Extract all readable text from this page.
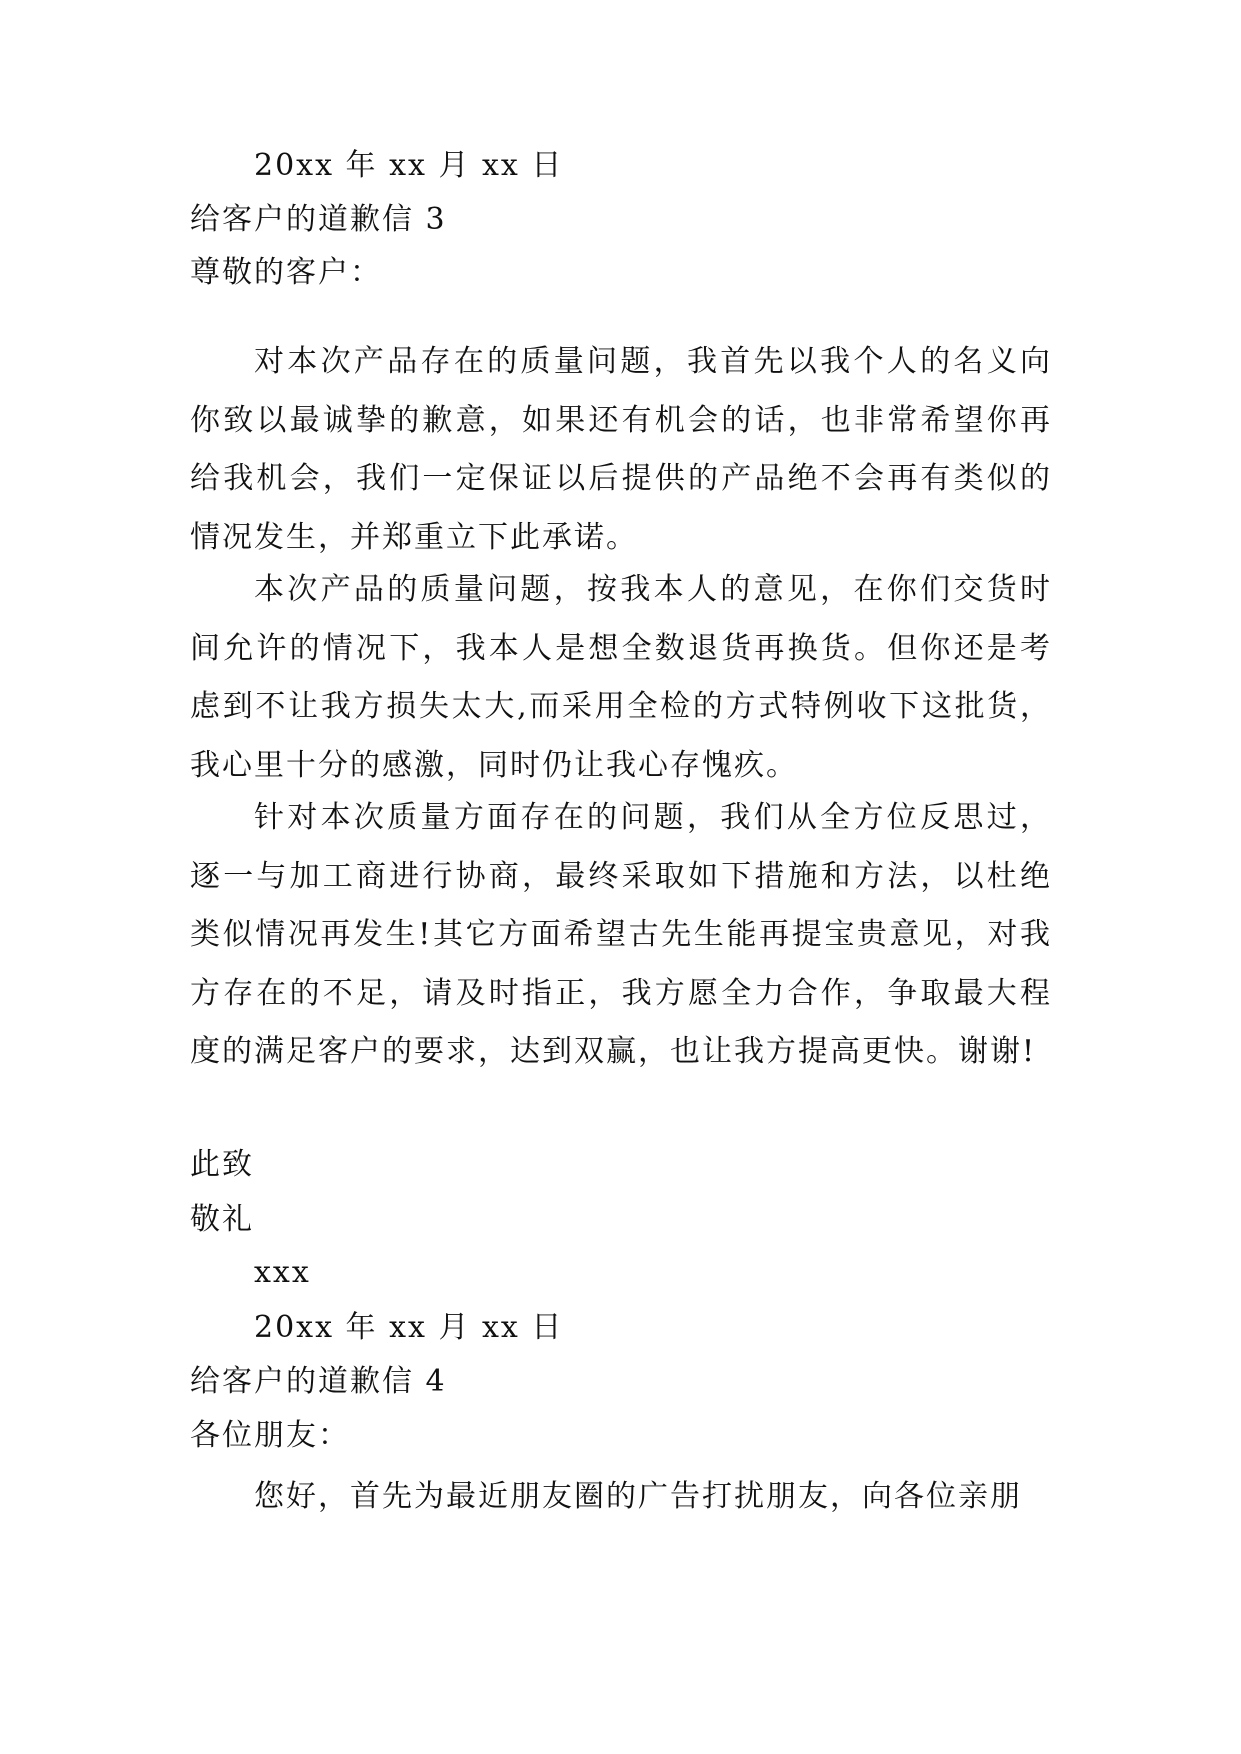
20xx 年 xx 月 xx 日
给客户的道歉信 3
尊敬的客户：
对本次产品存在的质量问题，我首先以我个人的名义向你致以最诚挚的歉意，如果还有机会的话，也非常希望你再给我机会，我们一定保证以后提供的产品绝不会再有类似的情况发生，并郑重立下此承诺。
本次产品的质量问题，按我本人的意见，在你们交货时间允许的情况下，我本人是想全数退货再换货。但你还是考虑到不让我方损失太大,而采用全检的方式特例收下这批货，我心里十分的感激，同时仍让我心存愧疚。
针对本次质量方面存在的问题，我们从全方位反思过，逐一与加工商进行协商，最终采取如下措施和方法，以杜绝类似情况再发生!其它方面希望古先生能再提宝贵意见，对我方存在的不足，请及时指正，我方愿全力合作，争取最大程度的满足客户的要求，达到双赢，也让我方提高更快。谢谢!
此致
敬礼
xxx
20xx 年 xx 月 xx 日
给客户的道歉信 4
各位朋友：
您好，首先为最近朋友圈的广告打扰朋友，向各位亲朋
